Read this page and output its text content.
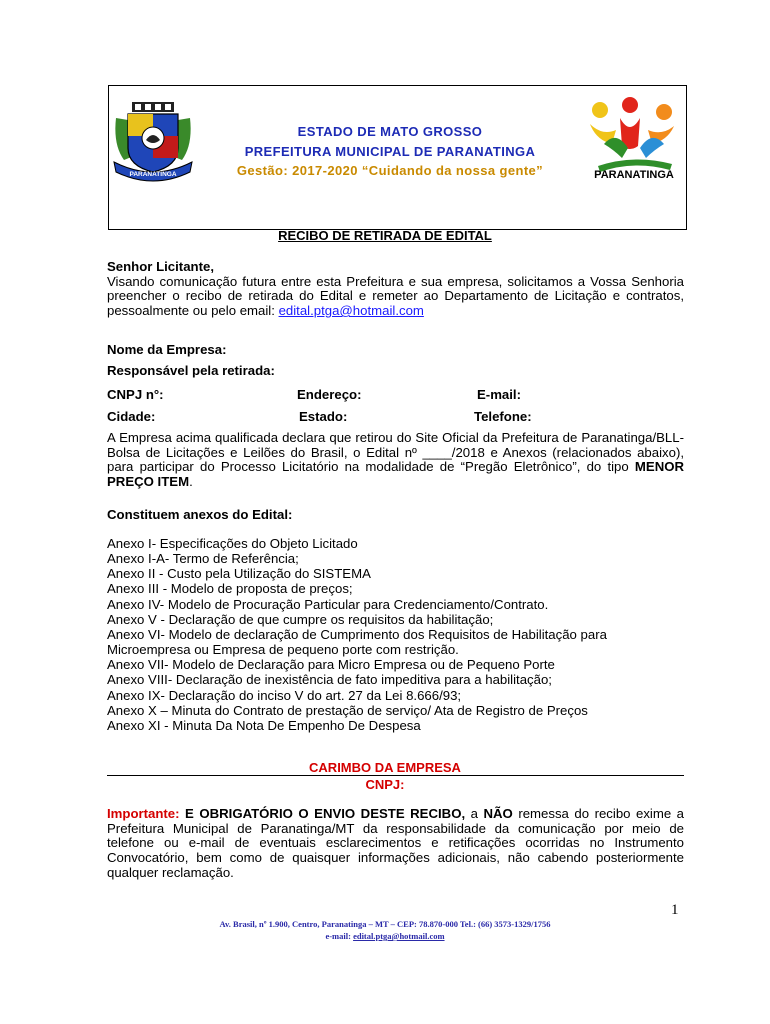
PARANATINGA	PARANATINGA
ESTADO DE MATO GROSSO
PREFEITURA MUNICIPAL DE PARANATINGA
Gestão: 2017-2020 “Cuidando da nossa gente”
RECIBO DE RETIRADA DE EDITAL
Senhor Licitante,
Visando comunicação futura entre esta Prefeitura e sua empresa, solicitamos a Vossa Senhoria preencher o recibo de retirada do Edital e remeter ao Departamento de Licitação e contratos, pessoalmente ou pelo email: edital.ptga@hotmail.com
Nome da Empresa:
Responsável pela retirada:
CNPJ n°:	Endereço:	E-mail:
Cidade:	Estado:	Telefone:
A Empresa acima qualificada declara que retirou do Site Oficial da Prefeitura de Paranatinga/BLL- Bolsa de Licitações e Leilões do Brasil, o Edital nº ____/2018 e Anexos (relacionados abaixo), para participar do Processo Licitatório na modalidade de “Pregão Eletrônico”, do tipo MENOR PREÇO ITEM.
Constituem anexos do Edital:
Anexo I- Especificações do Objeto Licitado
Anexo I-A- Termo de Referência;
Anexo II - Custo pela Utilização do SISTEMA
Anexo III - Modelo de proposta de preços;
Anexo IV- Modelo de Procuração Particular para Credenciamento/Contrato.
Anexo V - Declaração de que cumpre os requisitos da habilitação;
Anexo VI- Modelo de declaração de Cumprimento dos Requisitos de Habilitação para
Microempresa ou Empresa de pequeno porte com restrição.
Anexo VII- Modelo de Declaração para Micro Empresa ou de Pequeno Porte
Anexo VIII- Declaração de inexistência de fato impeditiva para a habilitação;
Anexo IX- Declaração do inciso V do art. 27 da Lei 8.666/93;
Anexo X – Minuta do Contrato de prestação de serviço/ Ata de Registro de Preços
Anexo XI - Minuta Da Nota De Empenho De Despesa
CARIMBO DA EMPRESA
CNPJ:
Importante: E OBRIGATÓRIO O ENVIO DESTE RECIBO, a NÃO remessa do recibo exime a Prefeitura Municipal de Paranatinga/MT da responsabilidade da comunicação por meio de telefone ou e-mail de eventuais esclarecimentos e retificações ocorridas no Instrumento Convocatório, bem como de quaisquer informações adicionais, não cabendo posteriormente qualquer reclamação.
1
Av. Brasil, nº 1.900, Centro, Paranatinga – MT – CEP: 78.870-000 Tel.: (66) 3573-1329/1756
e-mail: edital.ptga@hotmail.com
